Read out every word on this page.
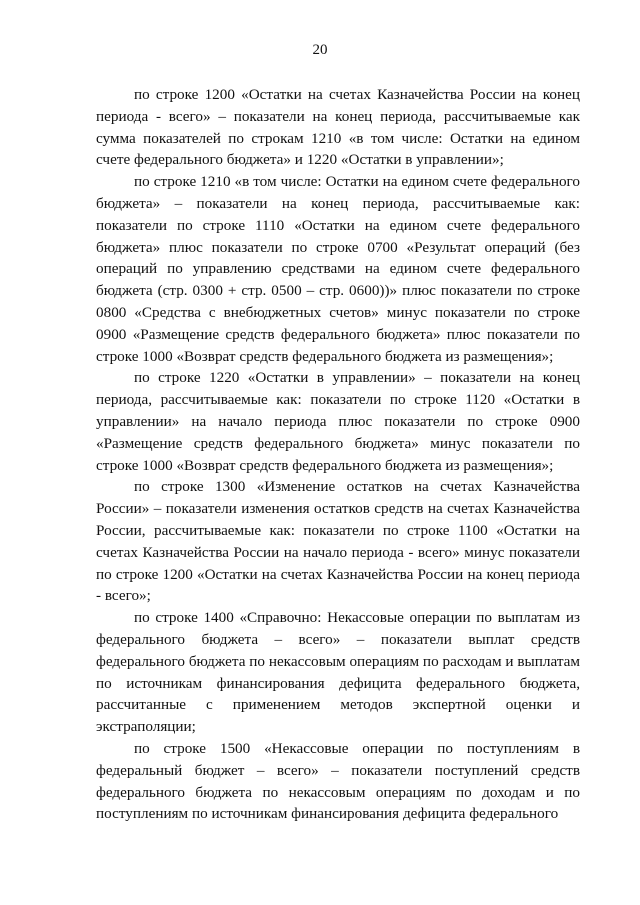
20

по строке 1200 «Остатки на счетах Казначейства России на конец периода - всего» – показатели на конец периода, рассчитываемые как сумма показателей по строкам 1210 «в том числе: Остатки на едином счете федерального бюджета» и 1220 «Остатки в управлении»;

по строке 1210 «в том числе: Остатки на едином счете федерального бюджета» – показатели на конец периода, рассчитываемые как: показатели по строке 1110 «Остатки на едином счете федерального бюджета» плюс показатели по строке 0700 «Результат операций (без операций по управлению средствами на едином счете федерального бюджета (стр. 0300 + стр. 0500 – стр. 0600))» плюс показатели по строке 0800 «Средства с внебюджетных счетов» минус показатели по строке 0900 «Размещение средств федерального бюджета» плюс показатели по строке 1000 «Возврат средств федерального бюджета из размещения»;

по строке 1220 «Остатки в управлении» – показатели на конец периода, рассчитываемые как: показатели по строке 1120 «Остатки в управлении» на начало периода плюс показатели по строке 0900 «Размещение средств федерального бюджета» минус показатели по строке 1000 «Возврат средств федерального бюджета из размещения»;

по строке 1300 «Изменение остатков на счетах Казначейства России» – показатели изменения остатков средств на счетах Казначейства России, рассчитываемые как: показатели по строке 1100 «Остатки на счетах Казначейства России на начало периода - всего» минус показатели по строке 1200 «Остатки на счетах Казначейства России на конец периода - всего»;

по строке 1400 «Справочно: Некассовые операции по выплатам из федерального бюджета – всего» – показатели выплат средств федерального бюджета по некассовым операциям по расходам и выплатам по источникам финансирования дефицита федерального бюджета, рассчитанные с применением методов экспертной оценки и экстраполяции;

по строке 1500 «Некассовые операции по поступлениям в федеральный бюджет – всего» – показатели поступлений средств федерального бюджета по некассовым операциям по доходам и по поступлениям по источникам финансирования дефицита федерального
